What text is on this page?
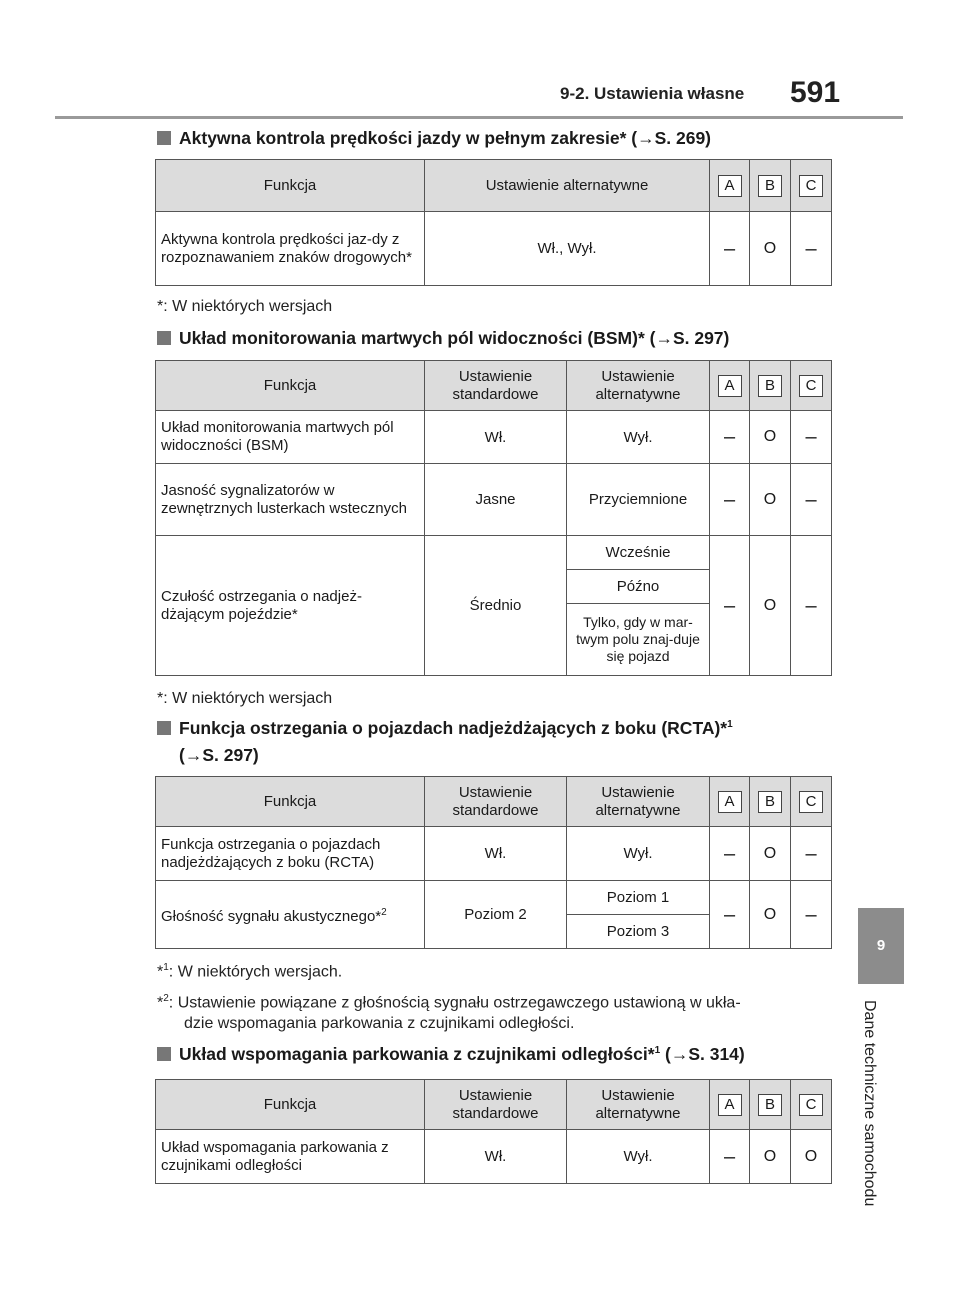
9-2. Ustawienia własne 591
9
Dane techniczne samochodu
Aktywna kontrola prędkości jazdy w pełnym zakresie* (→S. 269)
Funkcja	Ustawienie alternatywne	A	B	C
Aktywna kontrola prędkości jaz-dy z rozpoznawaniem znaków drogowych*	Wł., Wył.	–	O	–
*: W niektórych wersjach
Układ monitorowania martwych pól widoczności (BSM)* (→S. 297)
Funkcja	Ustawienie standardowe	Ustawienie alternatywne	A	B	C
Układ monitorowania martwych pól widoczności (BSM)	Wł.	Wył.	–	O	–
Jasność sygnalizatorów w zewnętrznych lusterkach wstecznych	Jasne	Przyciemnione	–	O	–
Czułość ostrzegania o nadjeż-dżającym pojeździe*	Średnio	Wcześnie	–	O	–
		Późno			
		Tylko, gdy w mar-twym polu znaj-duje się pojazd			
*: W niektórych wersjach
Funkcja ostrzegania o pojazdach nadjeżdżających z boku (RCTA)*$^1$
(→S. 297)
Funkcja	Ustawienie standardowe	Ustawienie alternatywne	A	B	C
Funkcja ostrzegania o pojazdach nadjeżdżających z boku (RCTA)	Wł.	Wył.	–	O	–
Głośność sygnału akustycznego*$^2$	Poziom 2	Poziom 1	–	O	–
		Poziom 3			
*$^1$: W niektórych wersjach.
*$^2$: Ustawienie powiązane z głośnością sygnału ostrzegawczego ustawioną w ukła-
dzie wspomagania parkowania z czujnikami odległości.
Układ wspomagania parkowania z czujnikami odległości*$^1$ (→S. 314)
Funkcja	Ustawienie standardowe	Ustawienie alternatywne	A	B	C
Układ wspomagania parkowania z czujnikami odległości	Wł.	Wył.	–	O	O
